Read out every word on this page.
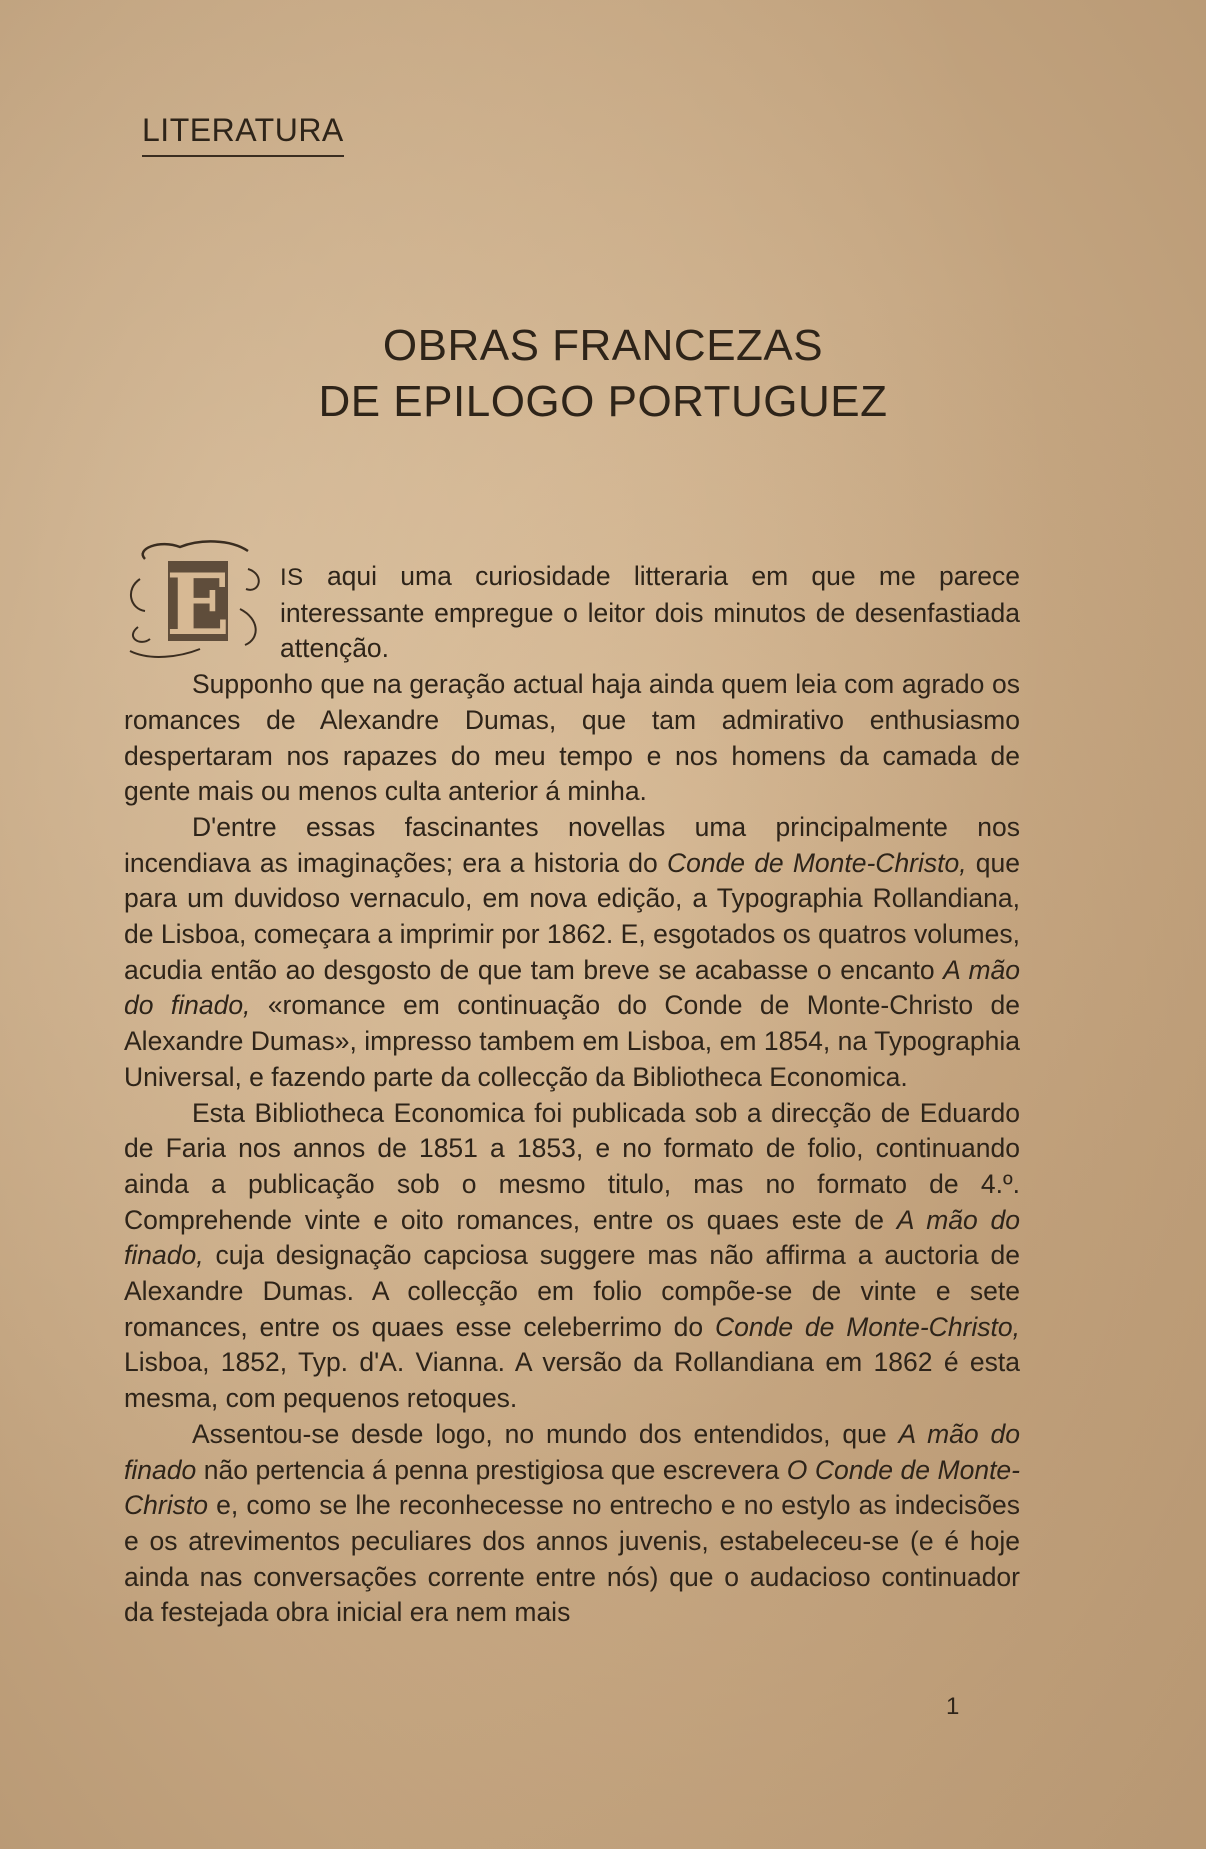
LITERATURA
OBRAS FRANCEZAS
DE EPILOGO PORTUGUEZ

E IS aqui uma curiosidade litteraria em que me parece interessante empregue o leitor dois minutos de desenfastiada attenção.

Supponho que na geração actual haja ainda quem leia com agrado os romances de Alexandre Dumas, que tam admirativo enthusiasmo despertaram nos rapazes do meu tempo e nos homens da camada de gente mais ou menos culta anterior á minha.

D'entre essas fascinantes novellas uma principalmente nos incendiava as imaginações; era a historia do Conde de Monte-Christo, que para um duvidoso vernaculo, em nova edição, a Typographia Rollandiana, de Lisboa, começara a imprimir por 1862. E, esgotados os quatros volumes, acudia então ao desgosto de que tam breve se acabasse o encanto A mão do finado, «romance em continuação do Conde de Monte-Christo de Alexandre Dumas», impresso tambem em Lisboa, em 1854, na Typographia Universal, e fazendo parte da collecção da Bibliotheca Economica.

Esta Bibliotheca Economica foi publicada sob a direcção de Eduardo de Faria nos annos de 1851 a 1853, e no formato de folio, continuando ainda a publicação sob o mesmo titulo, mas no formato de 4.º. Comprehende vinte e oito romances, entre os quaes este de A mão do finado, cuja designação capciosa suggere mas não affirma a auctoria de Alexandre Dumas. A collecção em folio compõe-se de vinte e sete romances, entre os quaes esse celeberrimo do Conde de Monte-Christo, Lisboa, 1852, Typ. d'A. Vianna. A versão da Rollandiana em 1862 é esta mesma, com pequenos retoques.

Assentou-se desde logo, no mundo dos entendidos, que A mão do finado não pertencia á penna prestigiosa que escrevera O Conde de Monte-Christo e, como se lhe reconhecesse no entrecho e no estylo as indecisões e os atrevimentos peculiares dos annos juvenis, estabeleceu-se (e é hoje ainda nas conversações corrente entre nós) que o audacioso continuador da festejada obra inicial era nem mais

1
